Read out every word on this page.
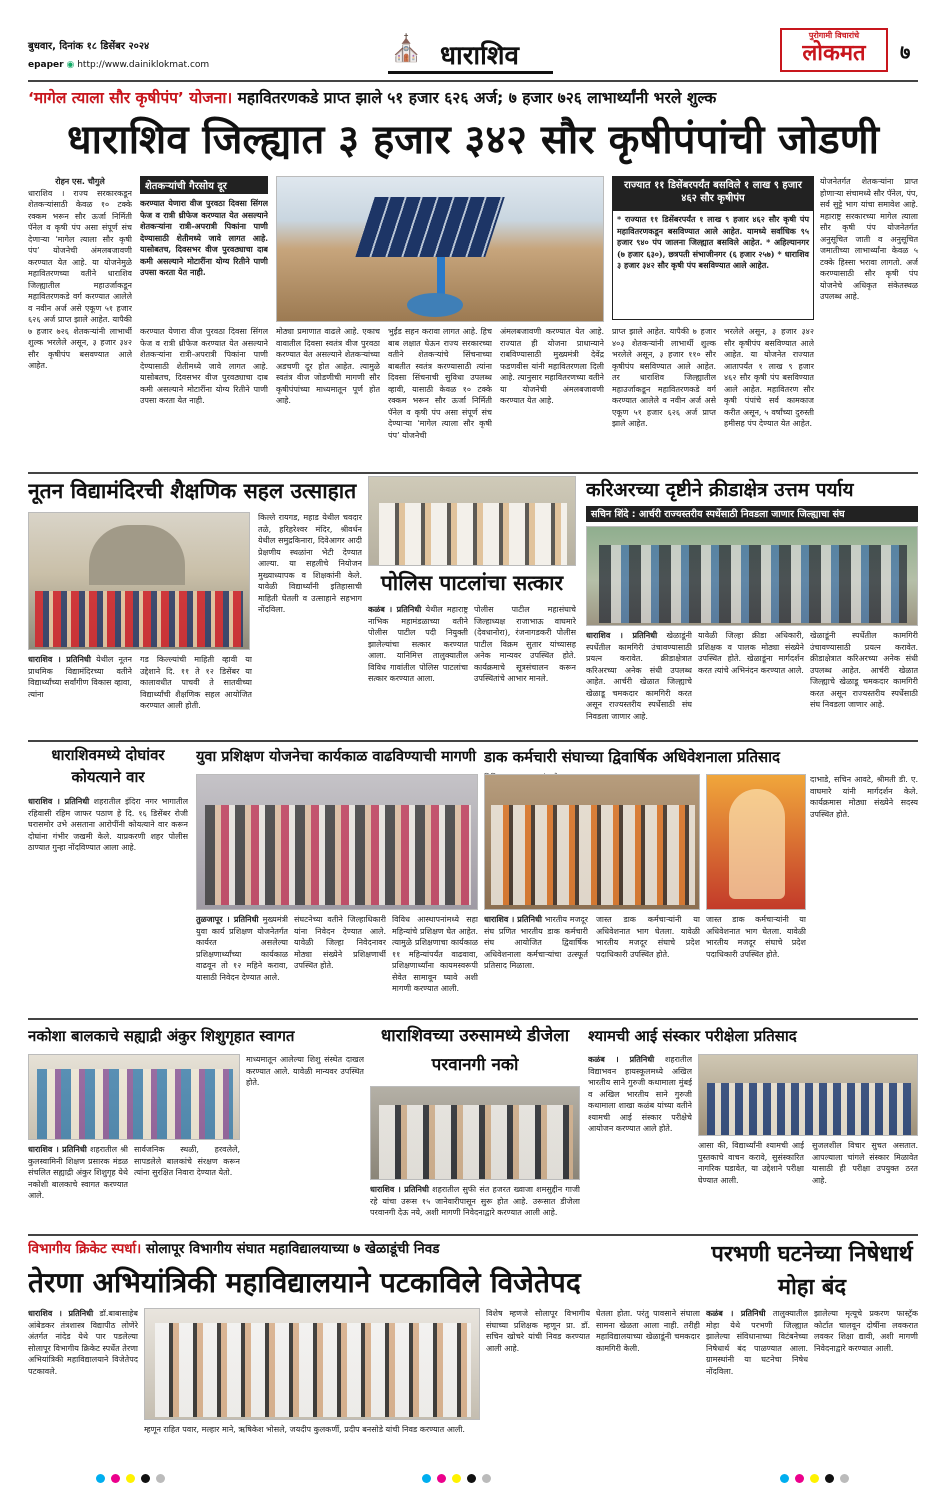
बुधवार, दिनांक १८ डिसेंबर २०२४
epaper ◉ http://www.dainiklokmat.com
⛪ धाराशिव
पुरोगामी विचारांचे
लोकमत	७
‘मागेल त्याला सौर कृषीपंप’ योजना। महावितरणकडे प्राप्त झाले ५१ हजार ६२६ अर्ज; ७ हजार ७२६ लाभार्थ्यांनी भरले शुल्क
धाराशिव जिल्ह्यात ३ हजार ३४२ सौर कृषीपंपांची जोडणी
रोहन एस. चौगुले
धाराशिव । राज्य सरकारकडून शेतकऱ्यांसाठी केवळ १० टक्के रक्कम भरून सौर ऊर्जा निर्मिती पॅनेल व कृषी पंप असा संपूर्ण संच देणाऱ्या ‘मागेल त्याला सौर कृषी पंप’ योजनेची अंमलबजावणी करण्यात येत आहे. या योजनेमुळे महावितरणच्या वतीने धाराशिव जिल्ह्यातील महाउर्जाकडून महावितरणकडे वर्ग करण्यात आलेले व नवीन अर्ज असे एकूण ५१ हजार ६२६ अर्ज प्राप्त झाले आहेत. यापैकी ७ हजार ७२६ शेतकऱ्यांनी लाभार्थी शुल्क भरलेले असून, ३ हजार ३४२ सौर कृषीपंप बसवण्यात आले आहेत.
शेतकऱ्यांची गैरसोय दूर
करण्यात येणारा वीज पुरवठा दिवसा सिंगल फेज व रात्री थ्रीफेज करण्यात येत असल्याने शेतकऱ्यांना रात्री-अपरात्री पिकांना पाणी देण्यासाठी शेतीमध्ये जावे लागत आहे. यासोबतच, दिवसभर वीज पुरवठ्याचा दाब कमी असल्याने मोटारींना योग्य रितीने पाणी उपसा करता येत नाही.
करण्यात येणारा वीज पुरवठा दिवसा सिंगल फेज व रात्री थ्रीफेज करण्यात येत असल्याने शेतकऱ्यांना रात्री-अपरात्री पिकांना पाणी देण्यासाठी शेतीमध्ये जावे लागत आहे. यासोबतच, दिवसभर वीज पुरवठ्याचा दाब कमी असल्याने मोटारींना योग्य रितीने पाणी उपसा करता येत नाही.
मोठ्या प्रमाणात वाढले आहे. एकाच वावातील दिवसा स्वतंत्र वीज पुरवठा करण्यात येत असल्याने शेतकऱ्यांच्या अडचणी दूर होत आहेत. त्यामुळे स्वतंत्र वीज जोडणीची मागणी सौर कृषीपंपांच्या माध्यमातून पूर्ण होत आहे.
भुईंड सहन करावा लागत आहे. हिच बाब लक्षात घेऊन राज्य सरकारच्या वतीने शेतकऱ्यांचे सिंचनाच्या बाबतीत स्वतंत्र करण्यासाठी त्यांना दिवसा सिंचनाची सुविधा उपलब्ध व्हावी, यासाठी केवळ १० टक्के रक्कम भरून सौर ऊर्जा निर्मिती पॅनेल व कृषी पंप असा संपूर्ण संच देण्याऱ्या ‘मागेल त्याला सौर कृषी पंप’ योजनेची
अंमलबजावणी करण्यात येत आहे. राज्यात ही योजना प्राधान्याने राबविण्यासाठी मुख्यमंत्री देवेंद्र फडणवीस यांनी महावितरणला दिली आहे. त्यानुसार महावितरणच्या वतीने या योजनेची अंमलबजावणी करण्यात येत आहे.
प्राप्त झाले आहेत. यापैकी ७ हजार ४०३ शेतकऱ्यांनी लाभार्थी शुल्क भरलेले असून, ३ हजार ११० सौर कृषीपंप बसविण्यात आले आहेत. तर धाराशिव जिल्ह्यातील महाउर्जाकडून महावितरणकडे वर्ग करण्यात आलेले व नवीन अर्ज असे एकूण ५१ हजार ६२६ अर्ज प्राप्त झाले आहेत.
भरलेले असून, ३ हजार ३४२ सौर कृषीपंप बसविण्यात आले आहेत. या योजनेत राज्यात आतापर्यंत १ लाख ९ हजार ४६२ सौर कृषी पंप बसविण्यात आले आहेत. महावितरण सौर कृषी पंपांचे सर्व कामकाज करीत असून, ५ वर्षांच्या दुरुस्ती हमीसह पंप देण्यात येत आहेत.
राज्यात ११ डिसेंबरपर्यंत बसविले १ लाख ९ हजार ४६२ सौर कृषीपंप
* राज्यात ११ डिसेंबरपर्यंत १ लाख ९ हजार ४६२ सौर कृषी पंप महावितरणकडून बसविण्यात आले आहेत. यामध्ये सर्वाधिक ९५ हजार ९४० पंप जालना जिल्ह्यात बसविले आहेत. * अहिल्यानगर (७ हजार ६३०), छत्रपती संभाजीनगर (६ हजार २५७) * धाराशिव ३ हजार ३४२ सौर कृषी पंप बसविण्यात आले आहेत.
योजनेतर्गत शेतकऱ्यांना प्राप्त होणाऱ्या संचामध्ये सौर पॅनेल, पंप, सर्व सुट्टे भाग यांचा समावेश आहे. महाराष्ट्र सरकारच्या मागेल त्याला सौर कृषी पंप योजनेतर्गत अनुसूचित जाती व अनुसूचित जमातीच्या लाभार्थ्यांना केवळ ५ टक्के हिस्सा भरावा लागतो. अर्ज करण्यासाठी सौर कृषी पंप योजनेचे अधिकृत संकेतस्थळ उपलब्ध आहे.
नूतन विद्यामंदिरची शैक्षणिक सहल उत्साहात
धाराशिव । प्रतिनिधी येथील नूतन प्राथमिक विद्यामंदिरच्या वतीने विद्यार्थ्यांच्या सर्वांगीण विकास व्हावा, त्यांना
गड किल्ल्यांची माहिती व्हावी या उद्देशाने दि. ११ ते १२ डिसेंबर या कालावधीत पाचवी ते सातवीच्या विद्यार्थ्यांची शैक्षणिक सहल आयोजित करण्यात आली होती.
किल्ले रायगड, महाड येथील चवदार तळे, हरिहरेश्वर मंदिर, श्रीवर्धन येथील समुद्रकिनारा, दिवेआगर आदी प्रेक्षणीय स्थळांना भेटी देण्यात आल्या. या सहलीचे नियोजन मुख्याध्यापक व शिक्षकांनी केले. यावेळी विद्यार्थ्यांनी इतिहासाची माहिती घेतली व उत्साहाने सहभाग नोंदविला.
पोलिस पाटलांचा सत्कार
कळंब । प्रतिनिधी येथील महाराष्ट्र नाभिक महामंडळाच्या वतीने पोलीस पाटील पदी नियुक्ती झालेल्यांचा सत्कार करण्यात आला. यानिमित्त तालुक्यातील विविध गावांतील पोलिस पाटलांचा सत्कार करण्यात आला.
पोलीस पाटील महासंघाचे जिल्हाध्यक्ष राजाभाऊ वाघमारे (देवधानोरा), रंजनागडकरी पोलीस पाटील विक्रम सुतार यांच्यासह अनेक मान्यवर उपस्थित होते. कार्यक्रमाचे सूत्रसंचालन करून उपस्थितांचे आभार मानले.
करिअरच्या दृष्टीने क्रीडाक्षेत्र उत्तम पर्याय
सचिन शिंदे : आर्चरी राज्यस्तरीय स्पर्धेसाठी निवडला जाणार जिल्ह्याचा संघ
धाराशिव । प्रतिनिधी खेळाडूंनी स्पर्धेतील कामगिरी उंचावण्यासाठी प्रयत्न करावेत. क्रीडाक्षेत्रात करिअरच्या अनेक संधी उपलब्ध आहेत. आर्चरी खेळात जिल्ह्याचे खेळाडू चमकदार कामगिरी करत असून राज्यस्तरीय स्पर्धेसाठी संघ निवडला जाणार आहे.
यावेळी जिल्हा क्रीडा अधिकारी, प्रशिक्षक व पालक मोठ्या संख्येने उपस्थित होते. खेळाडूंना मार्गदर्शन करत त्यांचे अभिनंदन करण्यात आले.
खेळाडूंनी स्पर्धेतील कामगिरी उंचावण्यासाठी प्रयत्न करावेत. क्रीडाक्षेत्रात करिअरच्या अनेक संधी उपलब्ध आहेत. आर्चरी खेळात जिल्ह्याचे खेळाडू चमकदार कामगिरी करत असून राज्यस्तरीय स्पर्धेसाठी संघ निवडला जाणार आहे.
धाराशिवमध्ये दोघांवर कोयत्याने वार
धाराशिव । प्रतिनिधी शहरातील इंदिरा नगर भागातील रहिवासी रहिम जाफर पठाण हे दि. १६ डिसेंबर रोजी घरासमोर उभे असताना आरोपींनी कोयत्याने वार करून दोघांना गंभीर जखमी केले. याप्रकरणी शहर पोलीस ठाण्यात गुन्हा नोंदविण्यात आला आहे.
युवा प्रशिक्षण योजनेचा कार्यकाळ वाढविण्याची मागणी
तुळजापूर । प्रतिनिधी मुख्यमंत्री युवा कार्य प्रशिक्षण योजनेतर्गत कार्यरत असलेल्या प्रशिक्षणार्थ्यांच्या कार्यकाळ वाढवून तो १२ महिने करावा, यासाठी निवेदन देण्यात आले.
संघटनेच्या वतीने जिल्हाधिकारी यांना निवेदन देण्यात आले. यावेळी जिल्हा निवेदनावर मोठ्या संख्येने प्रशिक्षणार्थी उपस्थित होते.
विविध आस्थापनांमध्ये सहा महिन्यांचे प्रशिक्षण घेत आहेत. त्यामुळे प्रशिक्षणाचा कार्यकाळ ११ महिन्यांपर्यंत वाढवावा, प्रशिक्षणार्थ्यांना कायमस्वरूपी सेवेत सामावून घ्यावे अशी मागणी करण्यात आली.
डाक कर्मचारी संघाच्या द्विवार्षिक अधिवेशनाला प्रतिसाद
धाराशिव । प्रतिनिधी भारतीय मजदूर संघ प्रणित भारतीय डाक कर्मचारी संघ आयोजित द्विवार्षिक अधिवेशनाला कर्मचाऱ्यांचा उत्स्फूर्त प्रतिसाद मिळाला.
जास्त डाक कर्मचाऱ्यांनी या अधिवेशनात भाग घेतला. यावेळी भारतीय मजदूर संघाचे प्रदेश पदाधिकारी उपस्थित होते.
दाभाडे, सचिन आवटे, श्रीमती डी. ए. वाघमारे यांनी मार्गदर्शन केले. कार्यक्रमास मोठ्या संख्येने सदस्य उपस्थित होते.
जास्त डाक कर्मचाऱ्यांनी या अधिवेशनात भाग घेतला. यावेळी भारतीय मजदूर संघाचे प्रदेश पदाधिकारी उपस्थित होते.
नकोशा बालकाचे सह्याद्री अंकुर शिशुगृहात स्वागत
धाराशिव । प्रतिनिधी शहरातील श्री कुलस्वामिनी शिक्षण प्रसारक मंडळ संचलित सह्याद्री अंकुर शिशुगृह येथे नकोशी बालकाचे स्वागत करण्यात आले.
सार्वजनिक स्थळी, हरवलेले, सापडलेले बालकांचे संरक्षण करून त्यांना सुरक्षित निवारा देण्यात येतो.
माध्यमातून आलेल्या शिशु संस्थेत दाखल करण्यात आले. यावेळी मान्यवर उपस्थित होते.
धाराशिवच्या उरुसामध्ये डीजेला परवानगी नको
धाराशिव । प्रतिनिधी शहरातील सुफी संत हजरत ख्वाजा शमसुद्दीन गाजी रहे यांचा उरूस १५ जानेवारीपासून सुरू होत आहे. उरूसात डीजेला परवानगी देऊ नये, अशी मागणी निवेदनाद्वारे करण्यात आली आहे.
श्यामची आई संस्कार परीक्षेला प्रतिसाद
कळंब । प्रतिनिधी शहरातील विद्याभवन हायस्कूलमध्ये अखिल भारतीय साने गुरुजी कथामाला मुंबई व अखिल भारतीय साने गुरुजी कथामाला शाखा कळंब यांच्या वतीने श्यामची आई संस्कार परीक्षेचे आयोजन करण्यात आले होते.
आसा की, विद्यार्थ्यांनी श्यामची आई पुस्तकाचे वाचन करावे, सुसंस्कारित नागरिक घडावेत, या उद्देशाने परीक्षा घेण्यात आली.
सुजलशील विचार सुचत असतात. आपल्याला चांगले संस्कार मिळावेत यासाठी ही परीक्षा उपयुक्त ठरत आहे.
विभागीय क्रिकेट स्पर्धा। सोलापूर विभागीय संघात महाविद्यालयाच्या ७ खेळाडूंची निवड
तेरणा अभियांत्रिकी महाविद्यालयाने पटकाविले विजेतेपद
धाराशिव । प्रतिनिधी डॉ.बाबासाहेब आंबेडकर तंत्रशास्त्र विद्यापीठ लोणेरे अंतर्गत नांदेड येथे पार पडलेल्या सोलापूर विभागीय क्रिकेट स्पर्धेत तेरणा अभियांत्रिकी महाविद्यालयाने विजेतेपद पटकावले.
म्हणून राहित पवार, मल्हार माने, ऋषिकेश भोसले, जयदीप कुलकर्णी, प्रदीप बनसोडे यांची निवड करण्यात आली.
विशेष म्हणजे सोलापूर विभागीय संघाच्या प्रशिक्षक म्हणून प्रा. डॉ. सचिन खोचरे यांची निवड करण्यात आली आहे.
घेतला होता. परंतु पावसाने संघाला सामना खेळता आला नाही. तरीही महाविद्यालयाच्या खेळाडूंनी चमकदार कामगिरी केली.
परभणी घटनेच्या निषेधार्थ मोहा बंद
कळंब । प्रतिनिधी तालुक्यातील मोहा येथे परभणी जिल्ह्यात झालेल्या संविधानाच्या विटंबनेच्या निषेधार्थ बंद पाळण्यात आला. ग्रामस्थांनी या घटनेचा निषेध नोंदविला.
झालेल्या मृत्यूचे प्रकरण फास्ट्रॅक कोर्टात चालवून दोषींना लवकरात लवकर शिक्षा द्यावी, अशी मागणी निवेदनाद्वारे करण्यात आली.
